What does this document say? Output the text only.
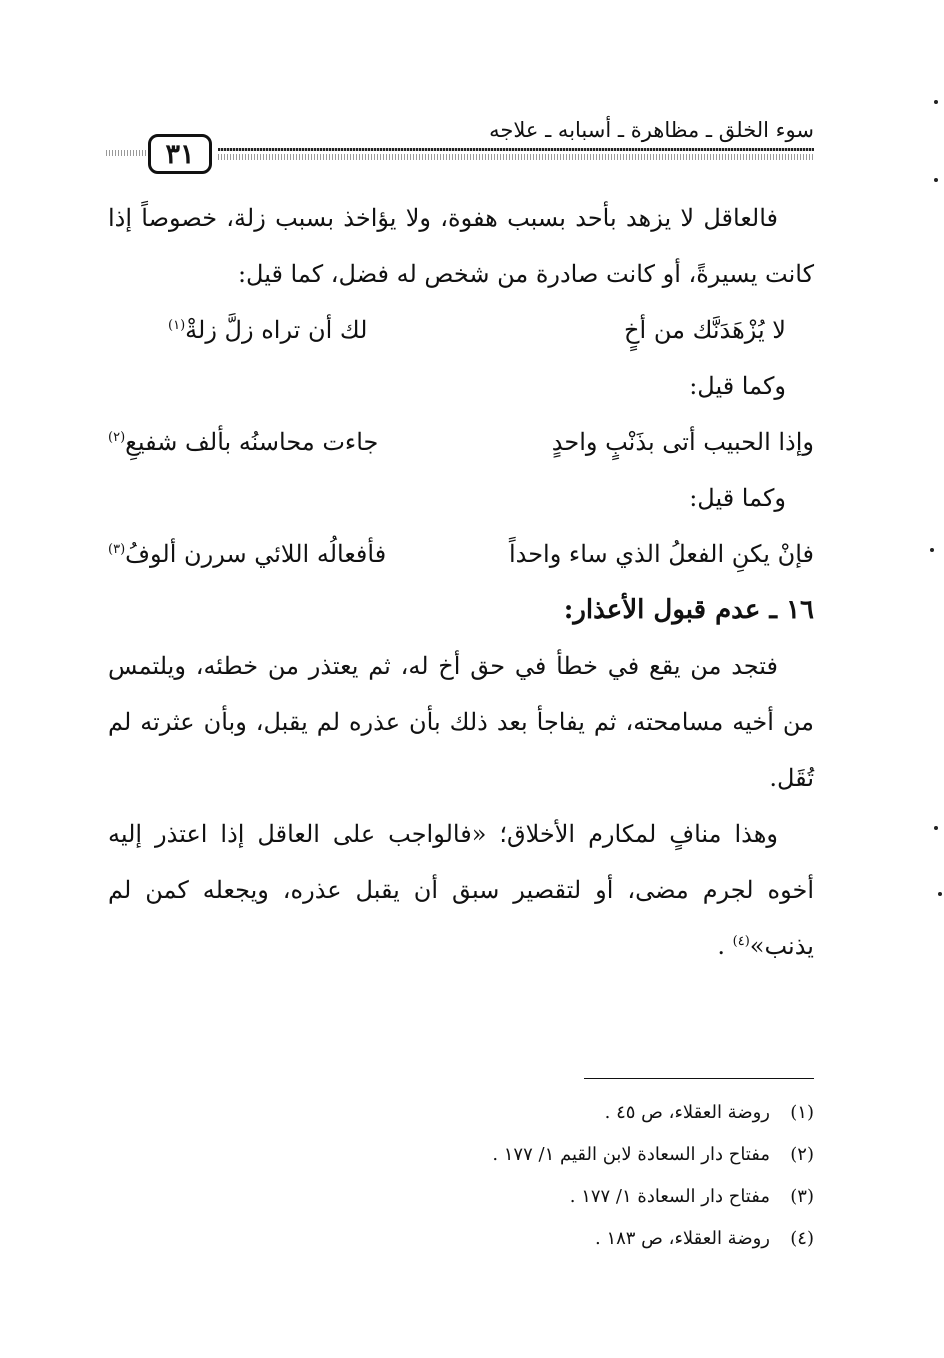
سوء الخلق ـ مظاهرة ـ أسبابه ـ علاجه
٣١

فالعاقل لا يزهد بأحد بسبب هفوة، ولا يؤاخذ بسبب زلة، خصوصاً إذا كانت يسيرةً، أو كانت صادرة من شخص له فضل، كما قيل:

لا يُزْهَدَنَّك من أخٍ
لك أن تراه زلَّ زلةْ$^{(١)}$

وكما قيل:

وإذا الحبيب أتى بذَنْبٍ واحدٍ
جاءت محاسنُه بألف شفيعِ$^{(٢)}$

وكما قيل:

فإنْ يكنِ الفعلُ الذي ساء واحداً
فأفعالُه اللائي سررن ألوفُ$^{(٣)}$

١٦ ـ عدم قبول الأعذار:

فتجد من يقع في خطأ في حق أخ له، ثم يعتذر من خطئه، ويلتمس من أخيه مسامحته، ثم يفاجأ بعد ذلك بأن عذره لم يقبل، وبأن عثرته لم تُقَل.

وهذا منافٍ لمكارم الأخلاق؛ «فالواجب على العاقل إذا اعتذر إليه أخوه لجرم مضى، أو لتقصير سبق أن يقبل عذره، ويجعله كمن لم يذنب»$^{(٤)}$ .

(١)روضة العقلاء، ص ٤٥ .

(٢)مفتاح دار السعادة لابن القيم ١/ ١٧٧ .

(٣)مفتاح دار السعادة ١/ ١٧٧ .

(٤)روضة العقلاء، ص ١٨٣ .
